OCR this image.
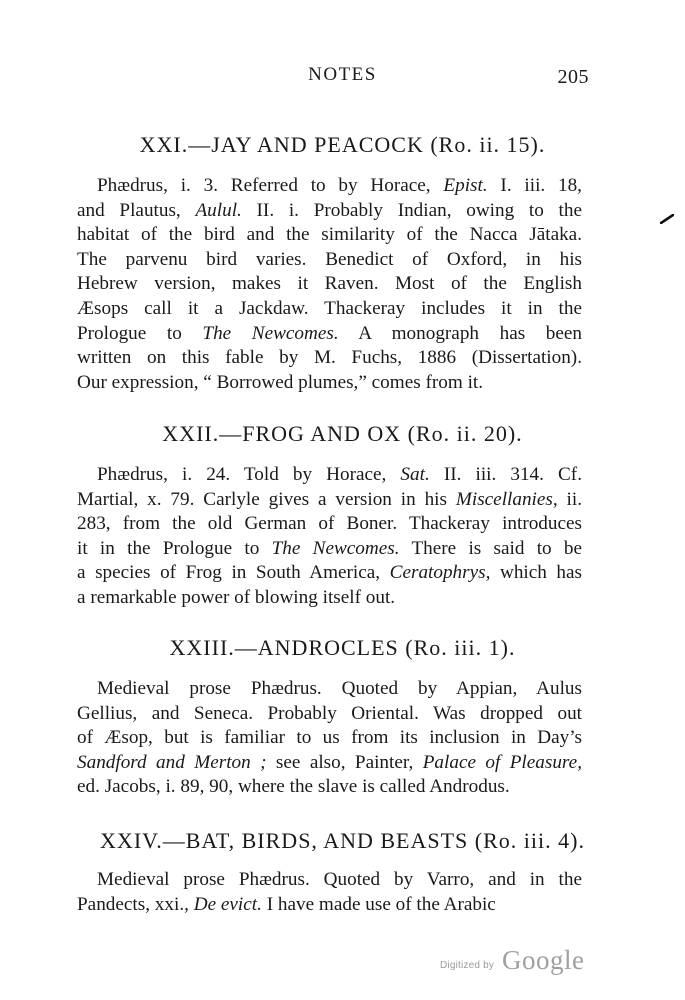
NOTES	205
XXI.—JAY AND PEACOCK (Ro. ii. 15).
Phædrus, i. 3. Referred to by Horace, Epist. I. iii. 18,
and Plautus, Aulul. II. i. Probably Indian, owing to the
habitat of the bird and the similarity of the Nacca Jātaka.
The parvenu bird varies. Benedict of Oxford, in his
Hebrew version, makes it Raven. Most of the English
Æsops call it a Jackdaw. Thackeray includes it in the
Prologue to The Newcomes. A monograph has been
written on this fable by M. Fuchs, 1886 (Dissertation).
Our expression, “ Borrowed plumes,” comes from it.
XXII.—FROG AND OX (Ro. ii. 20).
Phædrus, i. 24. Told by Horace, Sat. II. iii. 314. Cf.
Martial, x. 79. Carlyle gives a version in his Miscellanies, ii.
283, from the old German of Boner. Thackeray introduces
it in the Prologue to The Newcomes. There is said to be
a species of Frog in South America, Ceratophrys, which has
a remarkable power of blowing itself out.
XXIII.—ANDROCLES (Ro. iii. 1).
Medieval prose Phædrus. Quoted by Appian, Aulus
Gellius, and Seneca. Probably Oriental. Was dropped out
of Æsop, but is familiar to us from its inclusion in Day’s
Sandford and Merton ; see also, Painter, Palace of Pleasure,
ed. Jacobs, i. 89, 90, where the slave is called Androdus.
XXIV.—BAT, BIRDS, AND BEASTS (Ro. iii. 4).
Medieval prose Phædrus. Quoted by Varro, and in the
Pandects, xxi., De evict. I have made use of the Arabic
Digitized by Google
